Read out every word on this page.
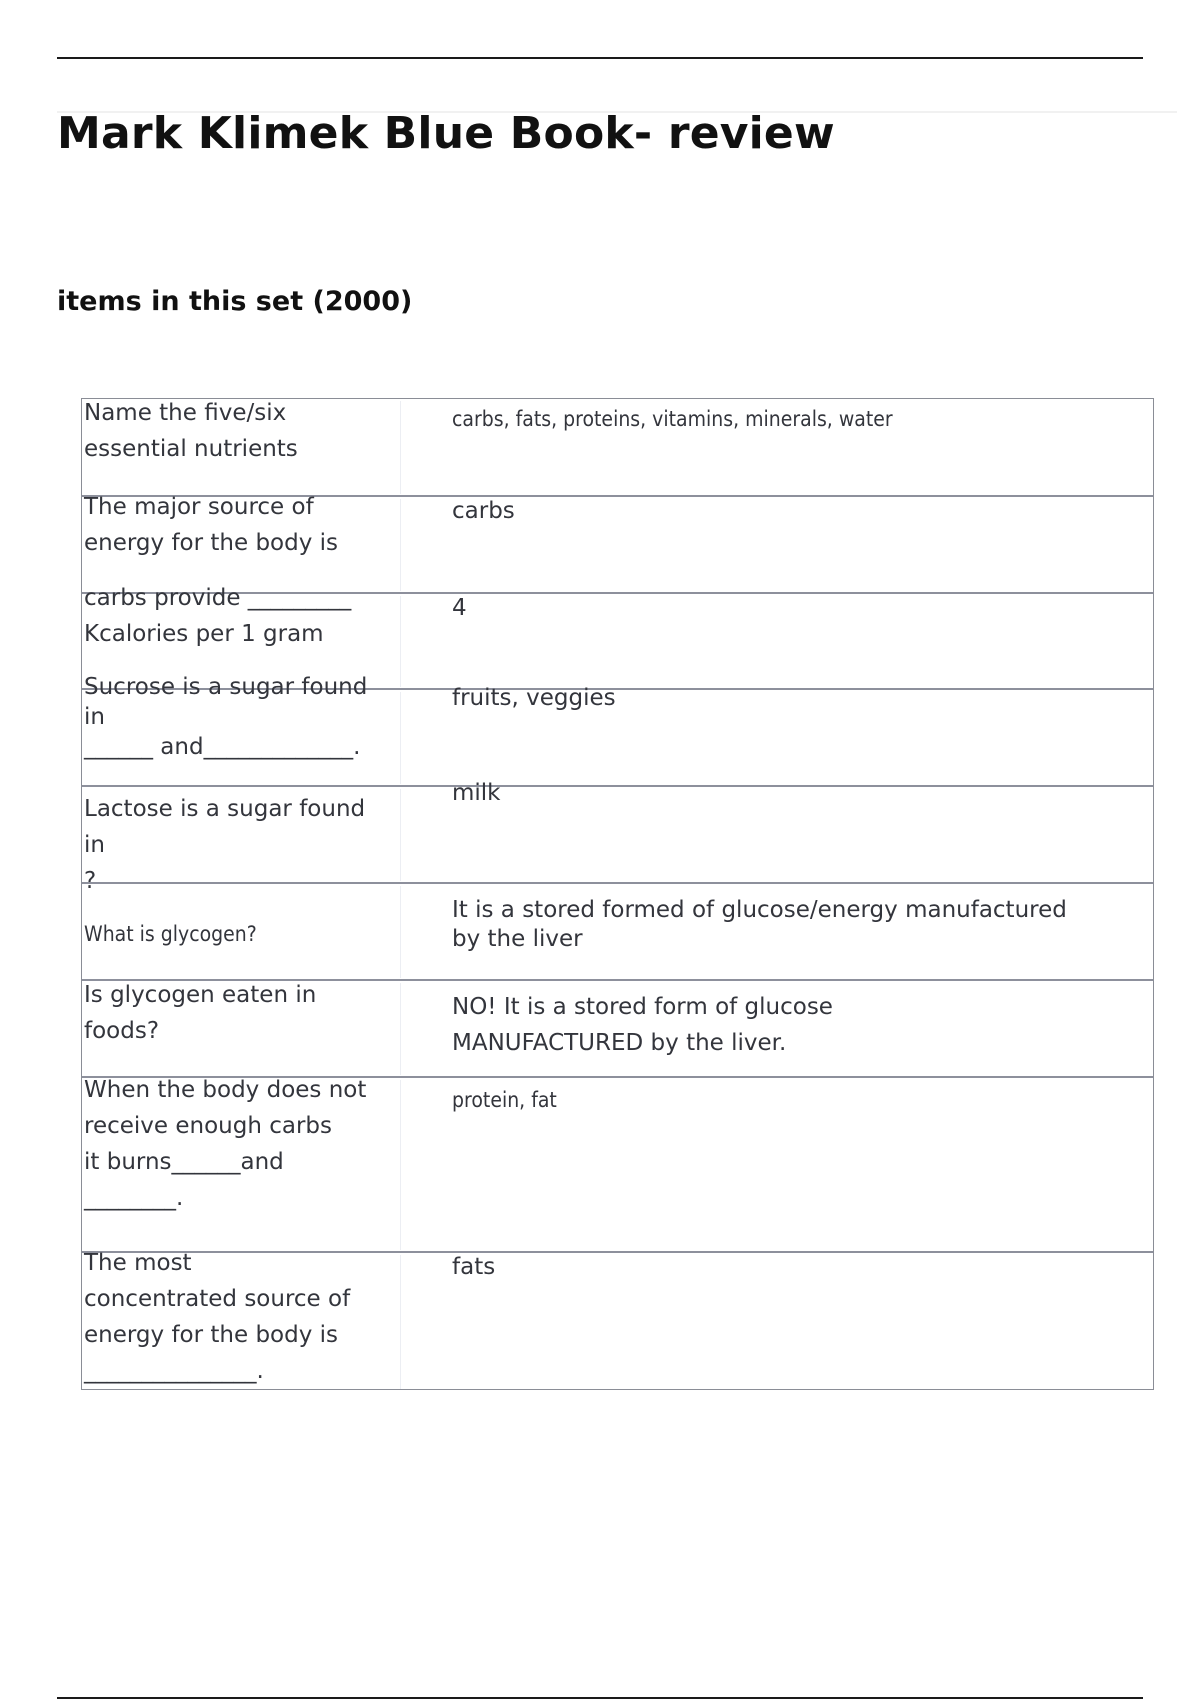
Mark Klimek Blue Book- review
items in this set (2000)
Name the five/six
essential nutrients
carbs, fats, proteins, vitamins, minerals, water
The major source of
energy for the body is
carbs
carbs provide _________
Kcalories per 1 gram
4
Sucrose is a sugar found
in
______ and_____________.
fruits, veggies
Lactose is a sugar found in
?
milk
What is glycogen?
It is a stored formed of glucose/energy manufactured
by the liver
Is glycogen eaten in
foods?
NO! It is a stored form of glucose
MANUFACTURED by the liver.
When the body does not
receive enough carbs
it burns______and
________.
protein, fat
The most
concentrated source of
energy for the body is
_______________.
fats
